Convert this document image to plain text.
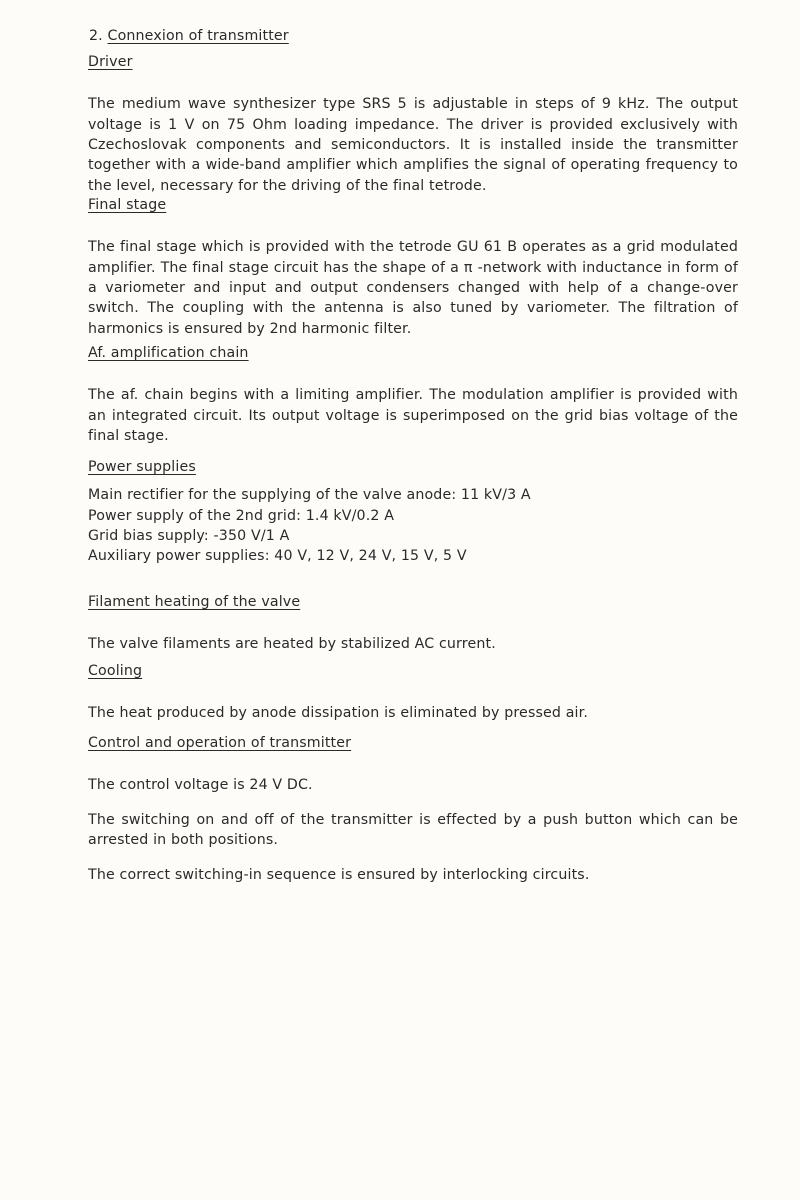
2. Connexion of transmitter
Driver

The medium wave synthesizer type SRS 5 is adjustable in steps of 9 kHz. The output voltage is 1 V on 75 Ohm loading impedance. The driver is provided exclusively with Czechoslovak components and semiconductors. It is installed inside the transmitter together with a wide-band amplifier which amplifies the signal of operating frequency to the level, necessary for the driving of the final tetrode.

Final stage

The final stage which is provided with the tetrode GU 61 B operates as a grid modulated amplifier. The final stage circuit has the shape of a π -network with inductance in form of a variometer and input and output condensers changed with help of a change-over switch. The coupling with the antenna is also tuned by variometer. The filtration of harmonics is ensured by 2nd harmonic filter.

Af. amplification chain

The af. chain begins with a limiting amplifier. The modulation amplifier is provided with an integrated circuit. Its output voltage is superimposed on the grid bias voltage of the final stage.

Power supplies
Main rectifier for the supplying of the valve anode: 11 kV/3 A
Power supply of the 2nd grid: 1.4 kV/0.2 A
Grid bias supply: -350 V/1 A
Auxiliary power supplies: 40 V, 12 V, 24 V, 15 V, 5 V
Filament heating of the valve

The valve filaments are heated by stabilized AC current.

Cooling

The heat produced by anode dissipation is eliminated by pressed air.

Control and operation of transmitter

The control voltage is 24 V DC.

The switching on and off of the transmitter is effected by a push button which can be arrested in both positions.

The correct switching-in sequence is ensured by interlocking circuits.
